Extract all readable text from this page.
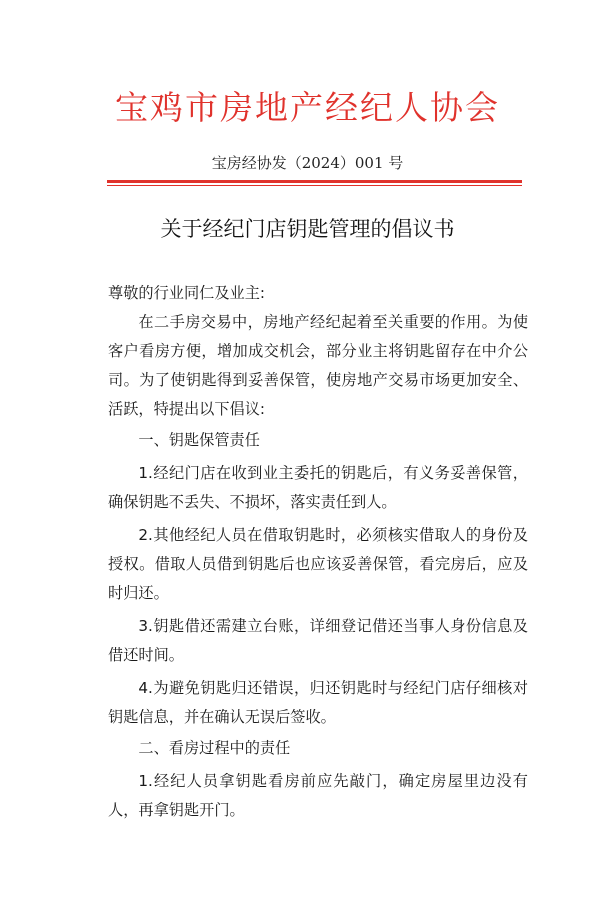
宝鸡市房地产经纪人协会
宝房经协发（2024）001 号
关于经纪门店钥匙管理的倡议书

尊敬的行业同仁及业主:

在二手房交易中，房地产经纪起着至关重要的作用。为使客户看房方便，增加成交机会，部分业主将钥匙留存在中介公司。为了使钥匙得到妥善保管，使房地产交易市场更加安全、活跃，特提出以下倡议:

一、钥匙保管责任

1.经纪门店在收到业主委托的钥匙后，有义务妥善保管，确保钥匙不丢失、不损坏，落实责任到人。

2.其他经纪人员在借取钥匙时，必须核实借取人的身份及授权。借取人员借到钥匙后也应该妥善保管，看完房后，应及时归还。

3.钥匙借还需建立台账，详细登记借还当事人身份信息及借还时间。

4.为避免钥匙归还错误，归还钥匙时与经纪门店仔细核对钥匙信息，并在确认无误后签收。

二、看房过程中的责任

1.经纪人员拿钥匙看房前应先敲门，确定房屋里边没有人，再拿钥匙开门。
